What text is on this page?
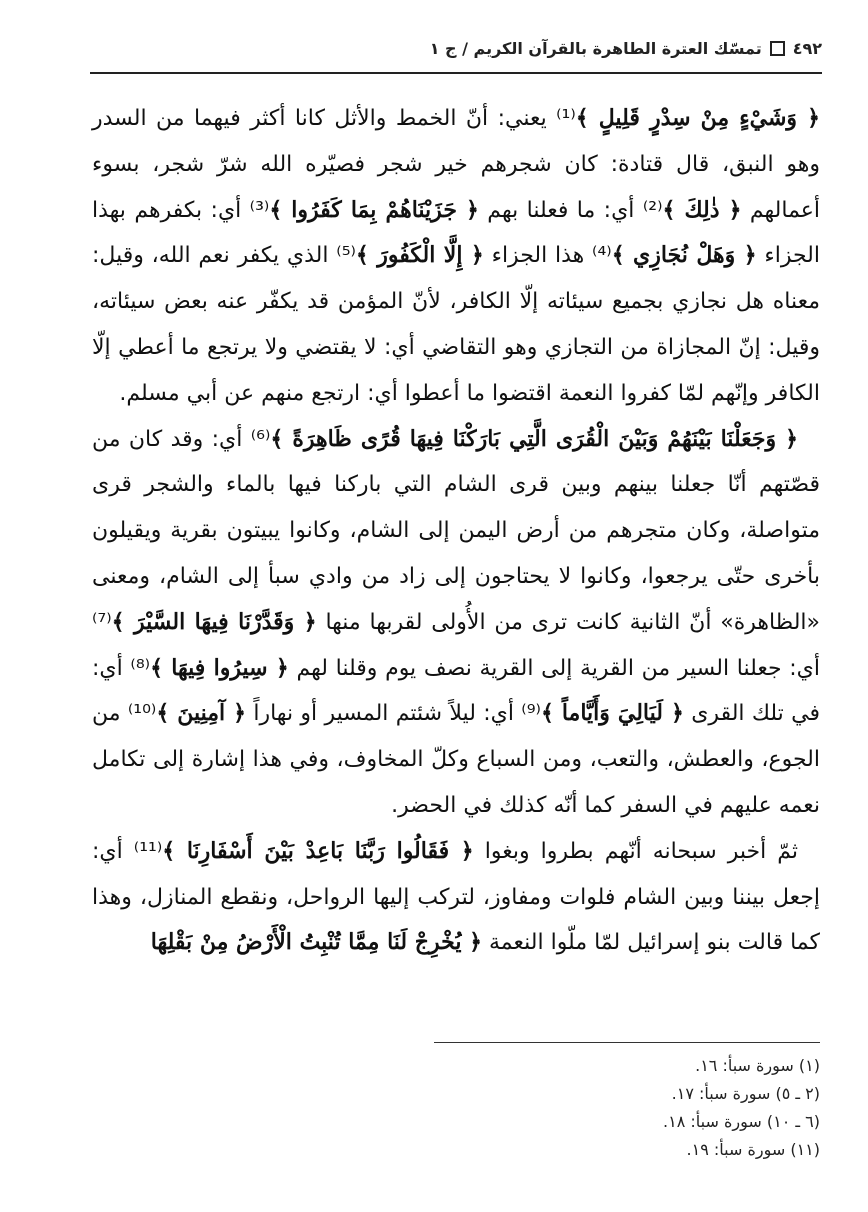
٤٩٢
تمسّك العترة الطاهرة بالقرآن الكريم / ج ١

﴿ وَشَيْءٍ مِنْ سِدْرٍ قَلِيلٍ ﴾⁽¹⁾ يعني: أنّ الخمط والأثل كانا أكثر فيهما من السدر وهو النبق، قال قتادة: كان شجرهم خير شجر فصيّره الله شرّ شجر، بسوء أعمالهم ﴿ ذٰلِكَ ﴾⁽²⁾ أي: ما فعلنا بهم ﴿ جَزَيْنَاهُمْ بِمَا كَفَرُوا ﴾⁽³⁾ أي: بكفرهم بهذا الجزاء ﴿ وَهَلْ نُجَازِي ﴾⁽⁴⁾ هذا الجزاء ﴿ إِلَّا الْكَفُورَ ﴾⁽⁵⁾ الذي يكفر نعم الله، وقيل: معناه هل نجازي بجميع سيئاته إلّا الكافر، لأنّ المؤمن قد يكفّر عنه بعض سيئاته، وقيل: إنّ المجازاة من التجازي وهو التقاضي أي: لا يقتضي ولا يرتجع ما أعطي إلّا الكافر وإنّهم لمّا كفروا النعمة اقتضوا ما أعطوا أي: ارتجع منهم عن أبي مسلم.

﴿ وَجَعَلْنَا بَيْنَهُمْ وَبَيْنَ الْقُرَى الَّتِي بَارَكْنَا فِيهَا قُرًى ظَاهِرَةً ﴾⁽⁶⁾ أي: وقد كان من قصّتهم أنّا جعلنا بينهم وبين قرى الشام التي باركنا فيها بالماء والشجر قرى متواصلة، وكان متجرهم من أرض اليمن إلى الشام، وكانوا يبيتون بقرية ويقيلون بأخرى حتّى يرجعوا، وكانوا لا يحتاجون إلى زاد من وادي سبأ إلى الشام، ومعنى «الظاهرة» أنّ الثانية كانت ترى من الأُولى لقربها منها ﴿ وَقَدَّرْنَا فِيهَا السَّيْرَ ﴾⁽⁷⁾ أي: جعلنا السير من القرية إلى القرية نصف يوم وقلنا لهم ﴿ سِيرُوا فِيهَا ﴾⁽⁸⁾ أي: في تلك القرى ﴿ لَيَالِيَ وَأَيَّاماً ﴾⁽⁹⁾ أي: ليلاً شئتم المسير أو نهاراً ﴿ آمِنِينَ ﴾⁽¹⁰⁾ من الجوع، والعطش، والتعب، ومن السباع وكلّ المخاوف، وفي هذا إشارة إلى تكامل نعمه عليهم في السفر كما أنّه كذلك في الحضر.

ثمّ أخبر سبحانه أنّهم بطروا وبغوا ﴿ فَقَالُوا رَبَّنَا بَاعِدْ بَيْنَ أَسْفَارِنَا ﴾⁽¹¹⁾ أي: إجعل بيننا وبين الشام فلوات ومفاوز، لترکب إليها الرواحل، ونقطع المنازل، وهذا كما قالت بنو إسرائيل لمّا ملّوا النعمة ﴿ يُخْرِجْ لَنَا مِمَّا تُنْبِتُ الْأَرْضُ مِنْ بَقْلِهَا

(١) سورة سبأ: ١٦.
(٢ ـ ٥) سورة سبأ: ١٧.
(٦ ـ ١٠) سورة سبأ: ١٨.
(١١) سورة سبأ: ١٩.
